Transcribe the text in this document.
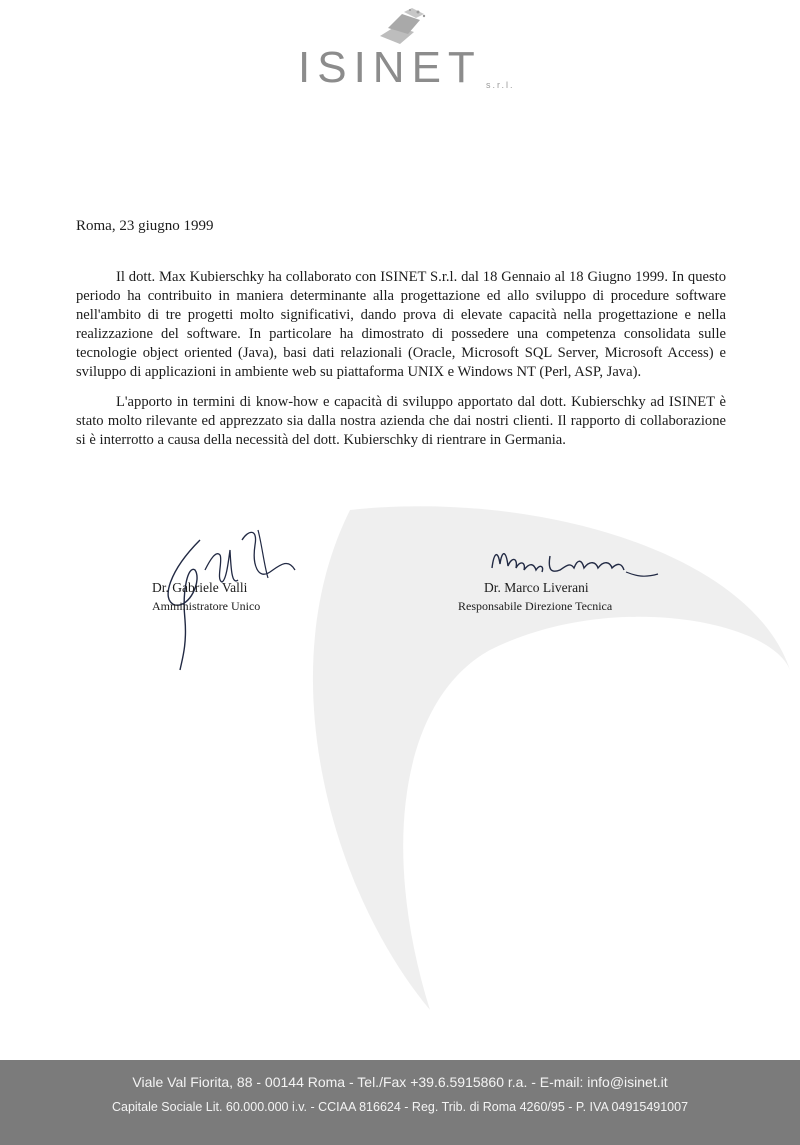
ISINET s.r.l.
Roma, 23 giugno 1999

Il dott. Max Kubierschky ha collaborato con ISINET S.r.l. dal 18 Gennaio al 18 Giugno 1999. In questo periodo ha contribuito in maniera determinante alla progettazione ed allo sviluppo di procedure software nell'ambito di tre progetti molto significativi, dando prova di elevate capacità nella progettazione e nella realizzazione del software. In particolare ha dimostrato di possedere una competenza consolidata sulle tecnologie object oriented (Java), basi dati relazionali (Oracle, Microsoft SQL Server, Microsoft Access) e sviluppo di applicazioni in ambiente web su piattaforma UNIX e Windows NT (Perl, ASP, Java).

L'apporto in termini di know-how e capacità di sviluppo apportato dal dott. Kubierschky ad ISINET è stato molto rilevante ed apprezzato sia dalla nostra azienda che dai nostri clienti. Il rapporto di collaborazione si è interrotto a causa della necessità del dott. Kubierschky di rientrare in Germania.

Dr. Gabriele Valli
Amministratore Unico
Dr. Marco Liverani
Responsabile Direzione Tecnica
Viale Val Fiorita, 88 - 00144 Roma - Tel./Fax +39.6.5915860 r.a. - E-mail: info@isinet.it
Capitale Sociale Lit. 60.000.000 i.v. - CCIAA 816624 - Reg. Trib. di Roma 4260/95 - P. IVA 04915491007
